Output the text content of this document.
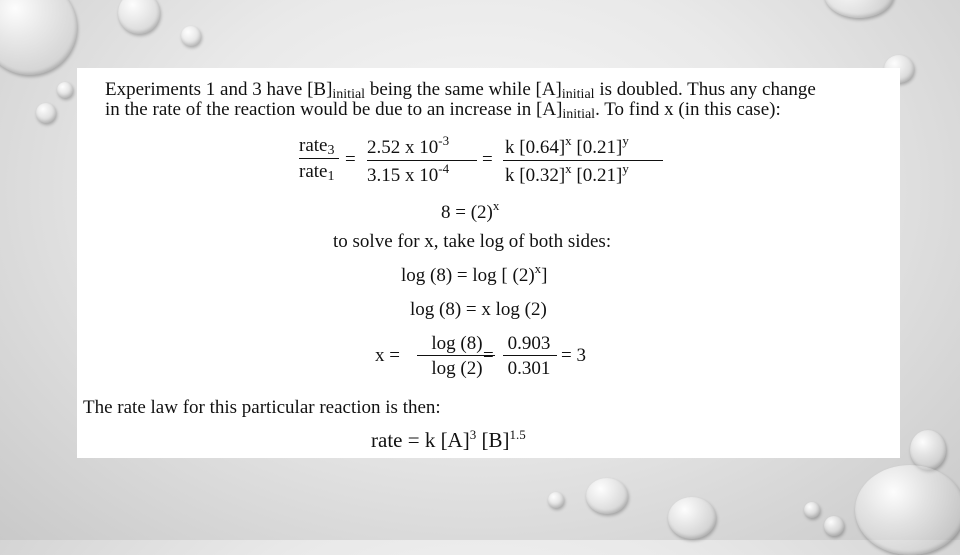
Experiments 1 and 3 have [B]initial being the same while [A]initial is doubled. Thus any change
in the rate of the reaction would be due to an increase in [A]initial. To find x (in this case):
rate3
rate1
=
2.52 x $10^{-3}$
3.15 x $10^{-4}$ =
k $[0.64]^x$ $[0.21]^y$
k $[0.32]^x$ $[0.21]^y$
$8 = (2)^x$
to solve for x, take log of both sides:
log (8) = log [ $(2)^x$]
log (8) = x log (2)
x =
log (8)
log (2)
=
0.903
0.301
= 3
The rate law for this particular reaction is then:
rate = k $[A]^3$ $[B]^{1.5}$
